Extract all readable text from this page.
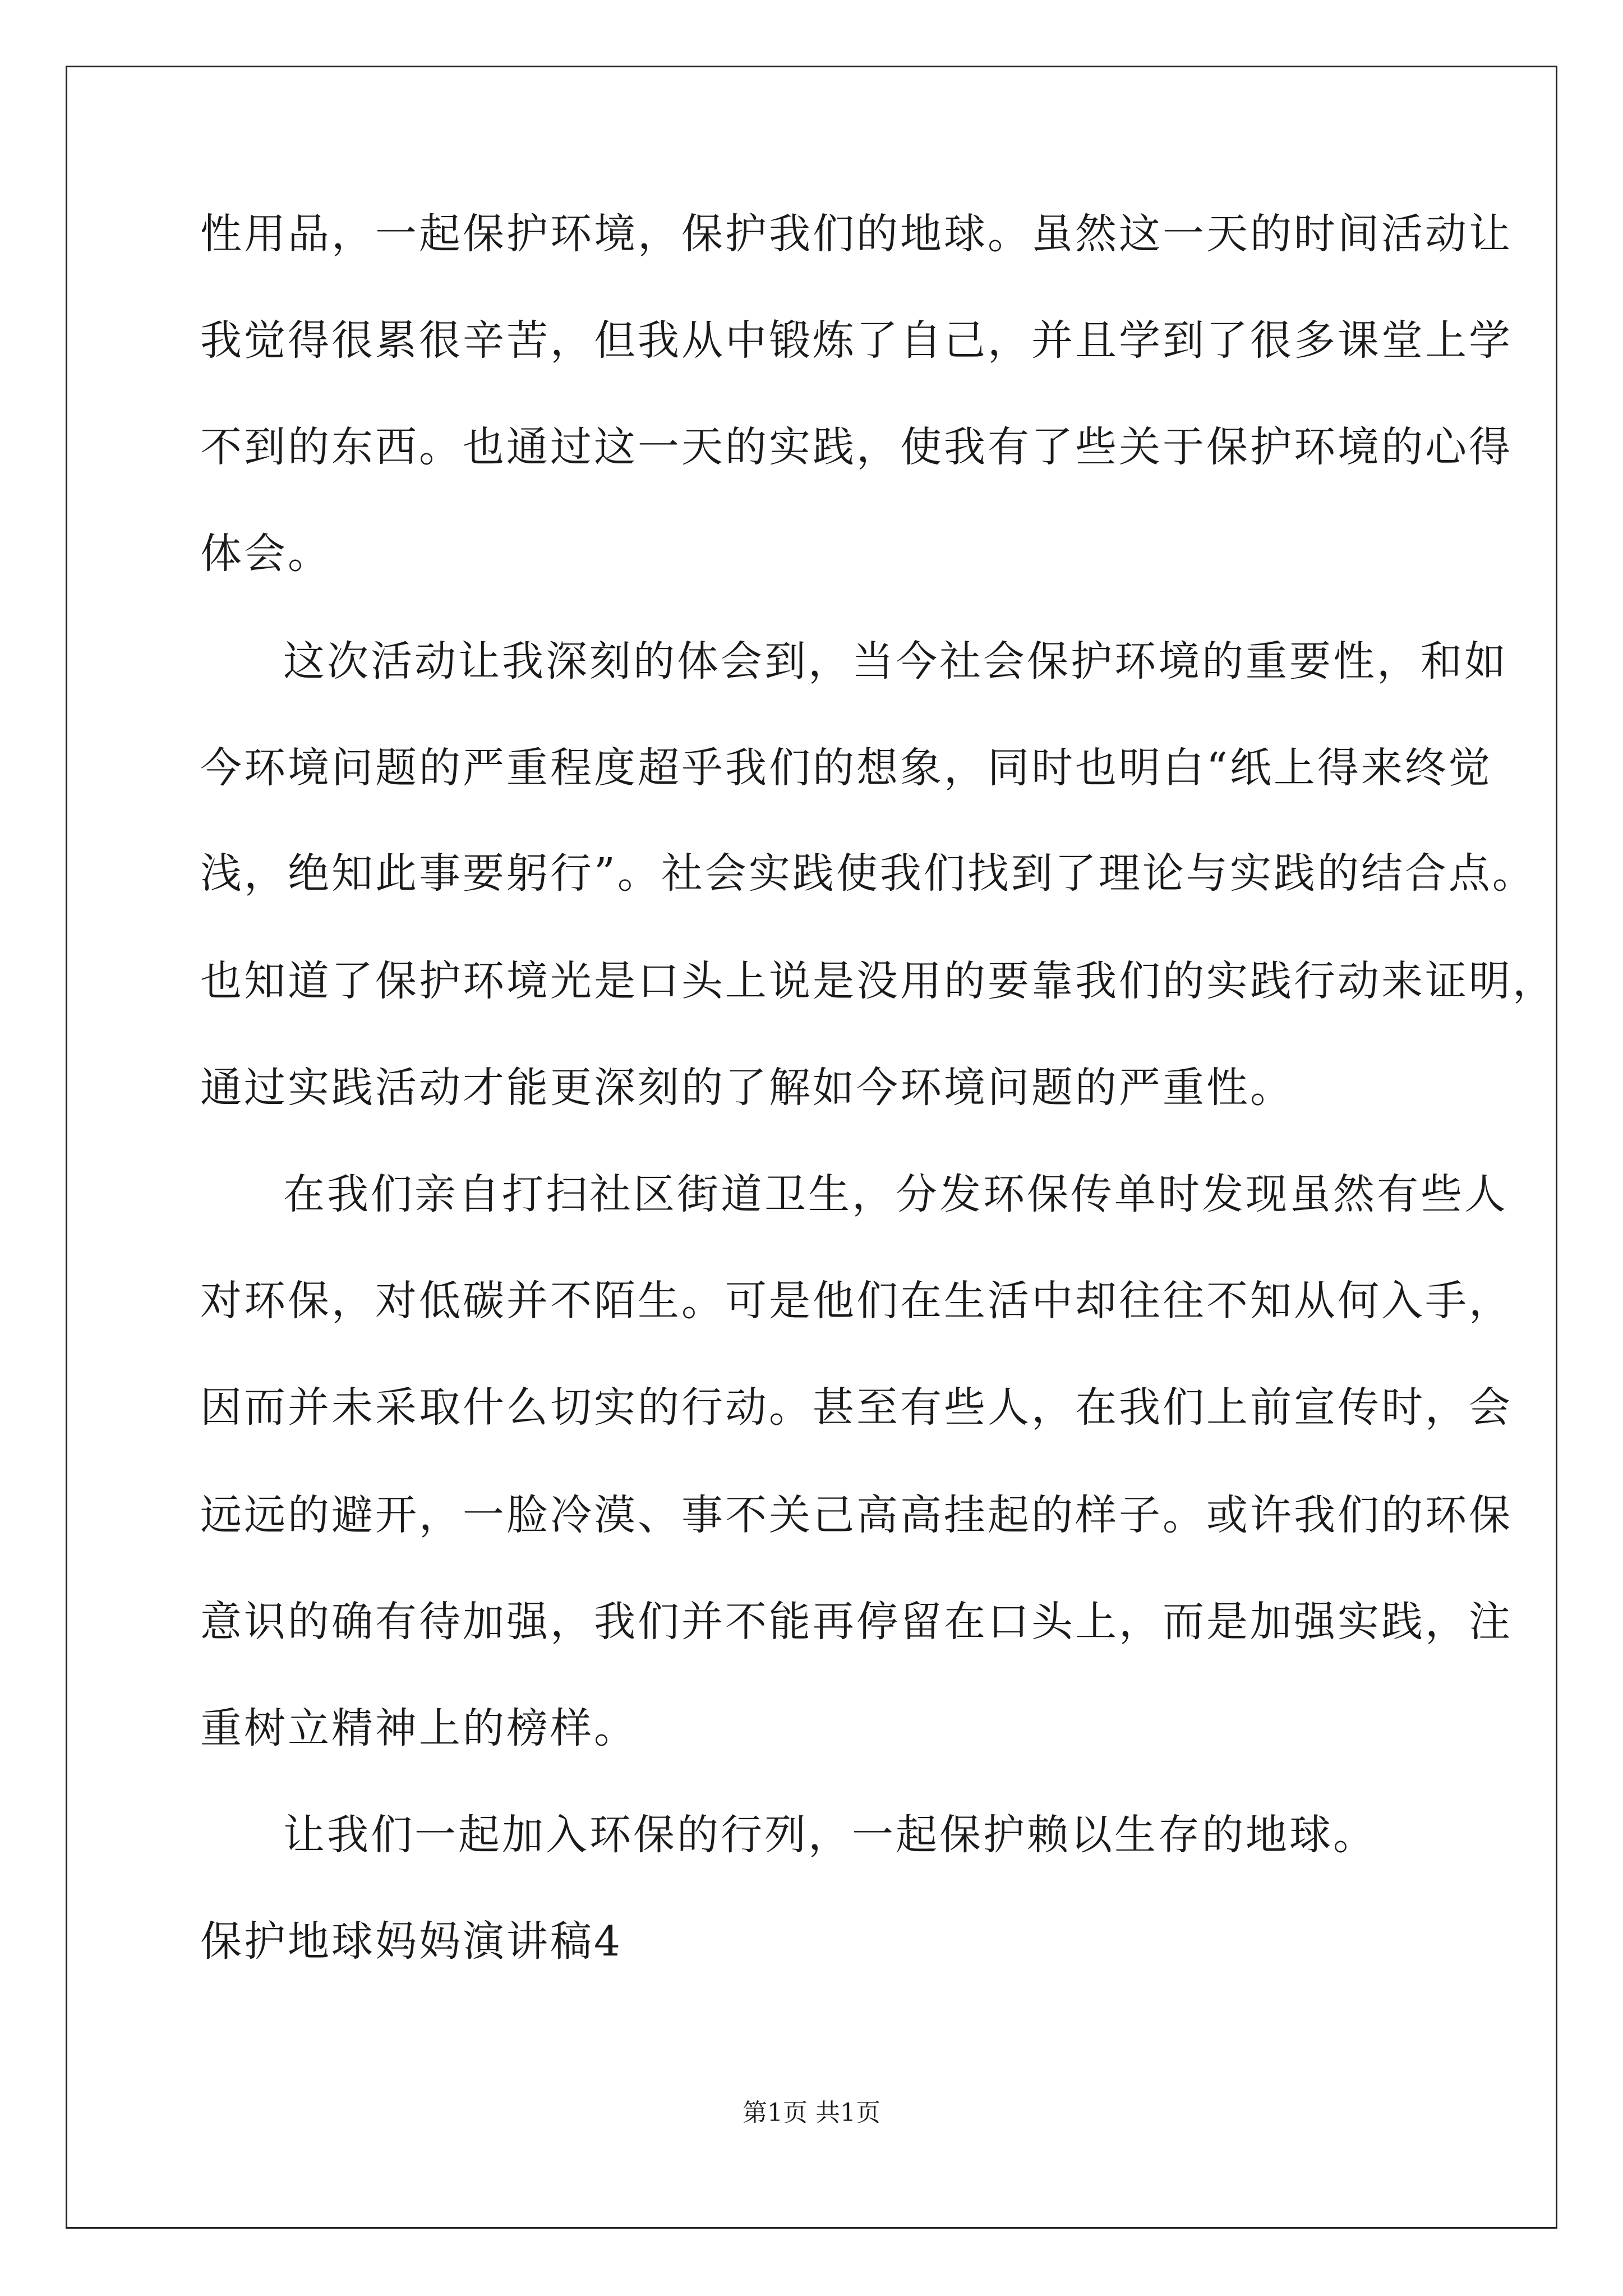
性用品，一起保护环境，保护我们的地球。虽然这一天的时间活动让

我觉得很累很辛苦，但我从中锻炼了自己，并且学到了很多课堂上学

不到的东西。也通过这一天的实践，使我有了些关于保护环境的心得

体会。

这次活动让我深刻的体会到，当今社会保护环境的重要性，和如

今环境问题的严重程度超乎我们的想象，同时也明白“纸上得来终觉

浅，绝知此事要躬行”。社会实践使我们找到了理论与实践的结合点。

也知道了保护环境光是口头上说是没用的要靠我们的实践行动来证明，

通过实践活动才能更深刻的了解如今环境问题的严重性。

在我们亲自打扫社区街道卫生，分发环保传单时发现虽然有些人

对环保，对低碳并不陌生。可是他们在生活中却往往不知从何入手，

因而并未采取什么切实的行动。甚至有些人，在我们上前宣传时，会

远远的避开，一脸冷漠、事不关己高高挂起的样子。或许我们的环保

意识的确有待加强，我们并不能再停留在口头上，而是加强实践，注

重树立精神上的榜样。

让我们一起加入环保的行列，一起保护赖以生存的地球。

保护地球妈妈演讲稿4

第1页 共1页
